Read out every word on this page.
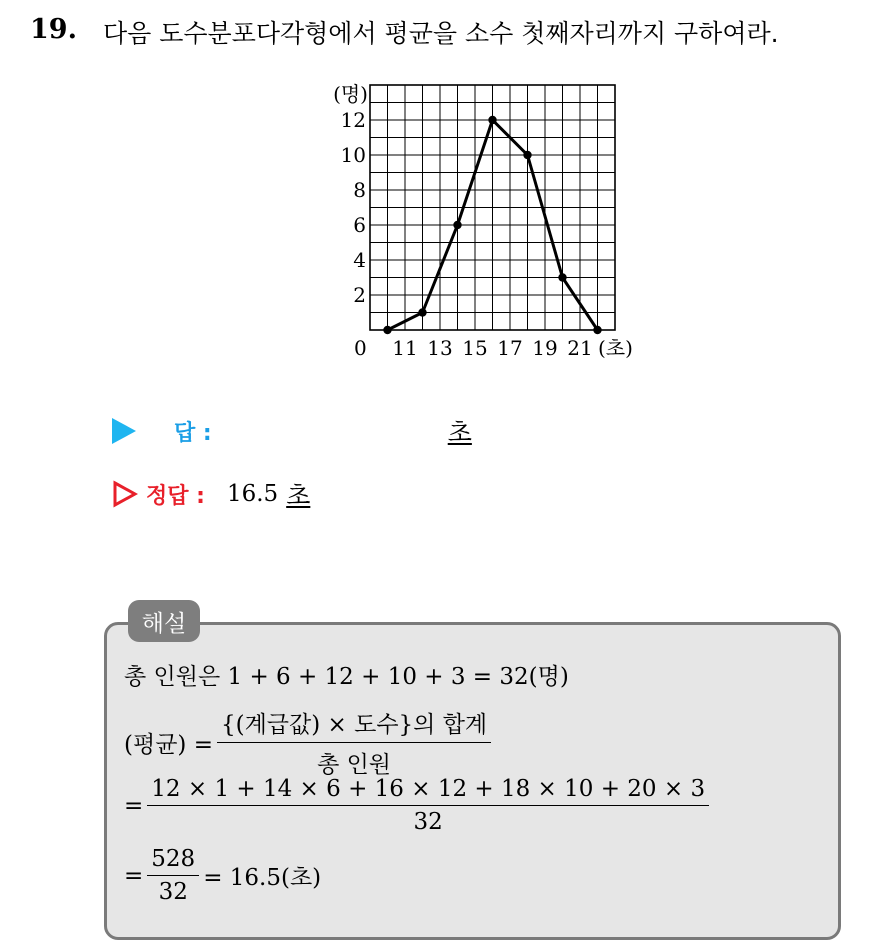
19. 다음 도수분포다각형에서 평균을 소수 첫째자리까지 구하여라.
2
4
6
8
10
12
11 13 15 17 19 21
0
(명)
(초)
답 :	초
정답 : 16.5 초
해설
총 인원은 1 + 6 + 12 + 10 + 3 = 32(명)
(평균) = $\frac{\text{\{(계급값) × 도수\}의 합계}}{\text{총 인원}}$
= $\frac{12 \times 1 + 14 \times 6 + 16 \times 12 + 18 \times 10 + 20 \times 3}{32}$
= $\frac{528}{32} = 16.5$(초)
